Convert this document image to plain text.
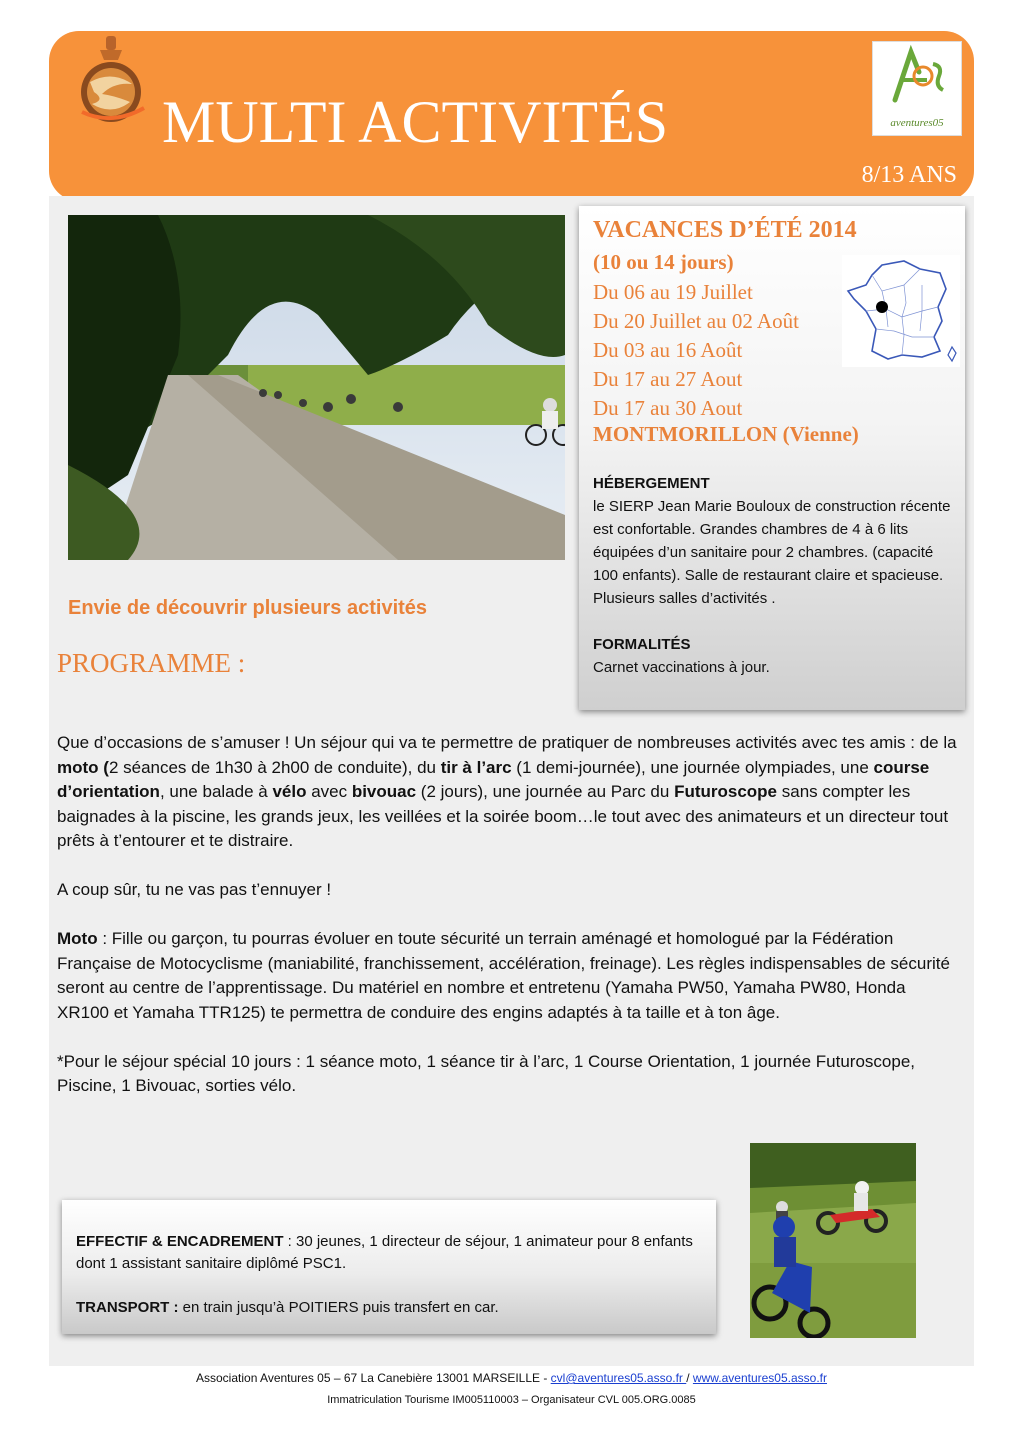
MULTI ACTIVITÉS
8/13 ANS
aventures05
VACANCES D’ÉTÉ 2014
(10 ou 14 jours)
Du 06 au 19 Juillet
Du 20 Juillet au 02 Août
Du 03 au 16 Août
Du 17 au 27 Aout
Du 17 au 30 Aout
MONTMORILLON (Vienne)
HÉBERGEMENT
le SIERP Jean Marie Bouloux de construction récente est confortable. Grandes chambres de 4 à 6 lits équipées d’un sanitaire pour 2 chambres. (capacité 100 enfants). Salle de restaurant claire et spacieuse. Plusieurs salles d’activités .
FORMALITÉS
Carnet vaccinations à jour.
Envie de découvrir plusieurs activités
PROGRAMME :

Que d’occasions de s’amuser ! Un séjour qui va te permettre de pratiquer de nombreuses activités avec tes amis : de la moto (2 séances de 1h30 à 2h00 de conduite), du tir à l’arc (1 demi-journée), une journée olympiades, une course d’orientation, une balade à vélo avec bivouac (2 jours), une journée au Parc du Futuroscope sans compter les baignades à la piscine, les grands jeux, les veillées et la soirée boom…le tout avec des animateurs et un directeur tout prêts à t’entourer et te distraire.

A coup sûr, tu ne vas pas t’ennuyer !

Moto : Fille ou garçon, tu pourras évoluer en toute sécurité un terrain aménagé et homologué par la Fédération Française de Motocyclisme (maniabilité, franchissement, accélération, freinage). Les règles indispensables de sécurité seront au centre de l’apprentissage. Du matériel en nombre et entretenu (Yamaha PW50, Yamaha PW80, Honda XR100 et Yamaha TTR125) te permettra de conduire des engins adaptés à ta taille et à ton âge.

*Pour le séjour spécial 10 jours : 1 séance moto, 1 séance tir à l’arc, 1 Course Orientation, 1 journée Futuroscope, Piscine, 1 Bivouac, sorties vélo.

EFFECTIF & ENCADREMENT : 30 jeunes, 1 directeur de séjour, 1 animateur pour 8 enfants dont 1 assistant sanitaire diplômé PSC1.

TRANSPORT : en train jusqu’à POITIERS puis transfert en car.

Association Aventures 05 – 67 La Canebière 13001 MARSEILLE - cvl@aventures05.asso.fr / www.aventures05.asso.fr
Immatriculation Tourisme IM005110003 – Organisateur CVL 005.ORG.0085
